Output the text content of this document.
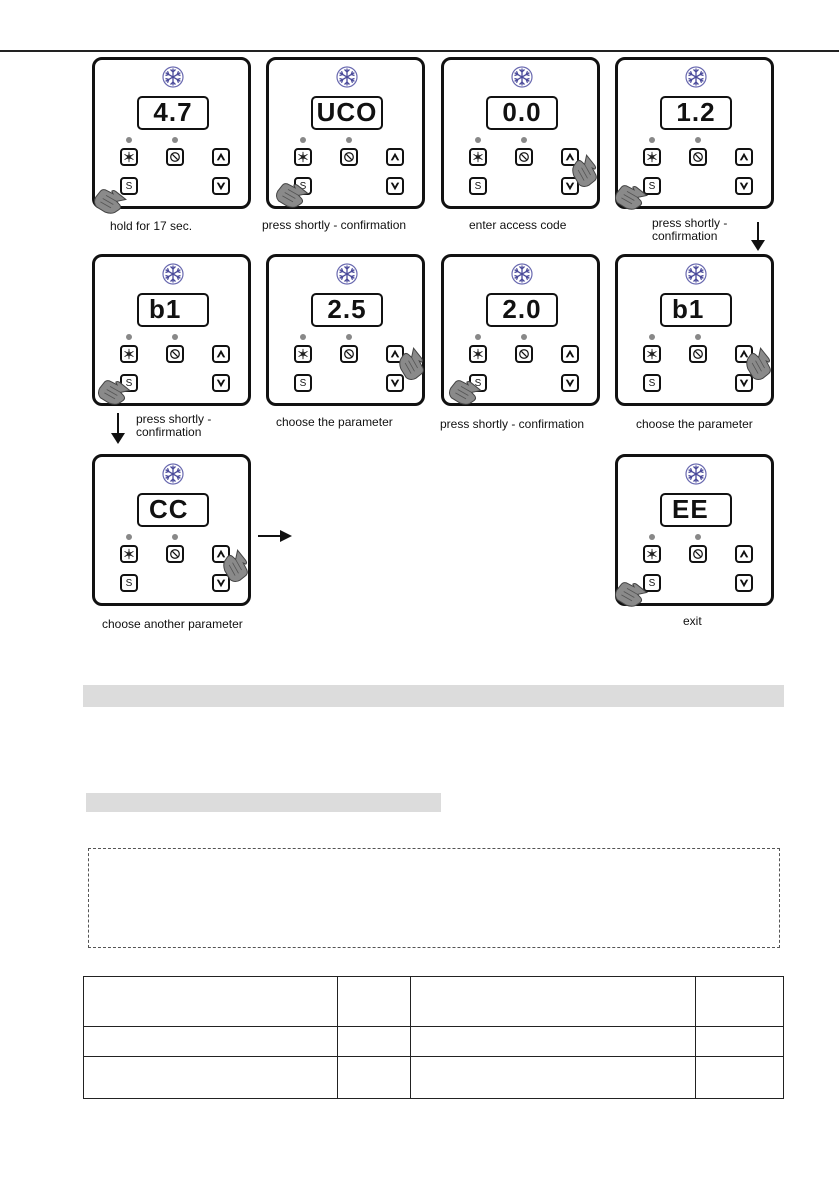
4.7
S
hold for 17 sec.
UCO
S
press shortly - confirmation
0.0
S
enter access code
1.2
S
press shortly -
confirmation
b1
S
2.5
S
choose the parameter
2.0
S
press shortly - confirmation
b1
S
choose the parameter
press shortly -
confirmation
CC
S
choose another parameter
EE
S
exit
